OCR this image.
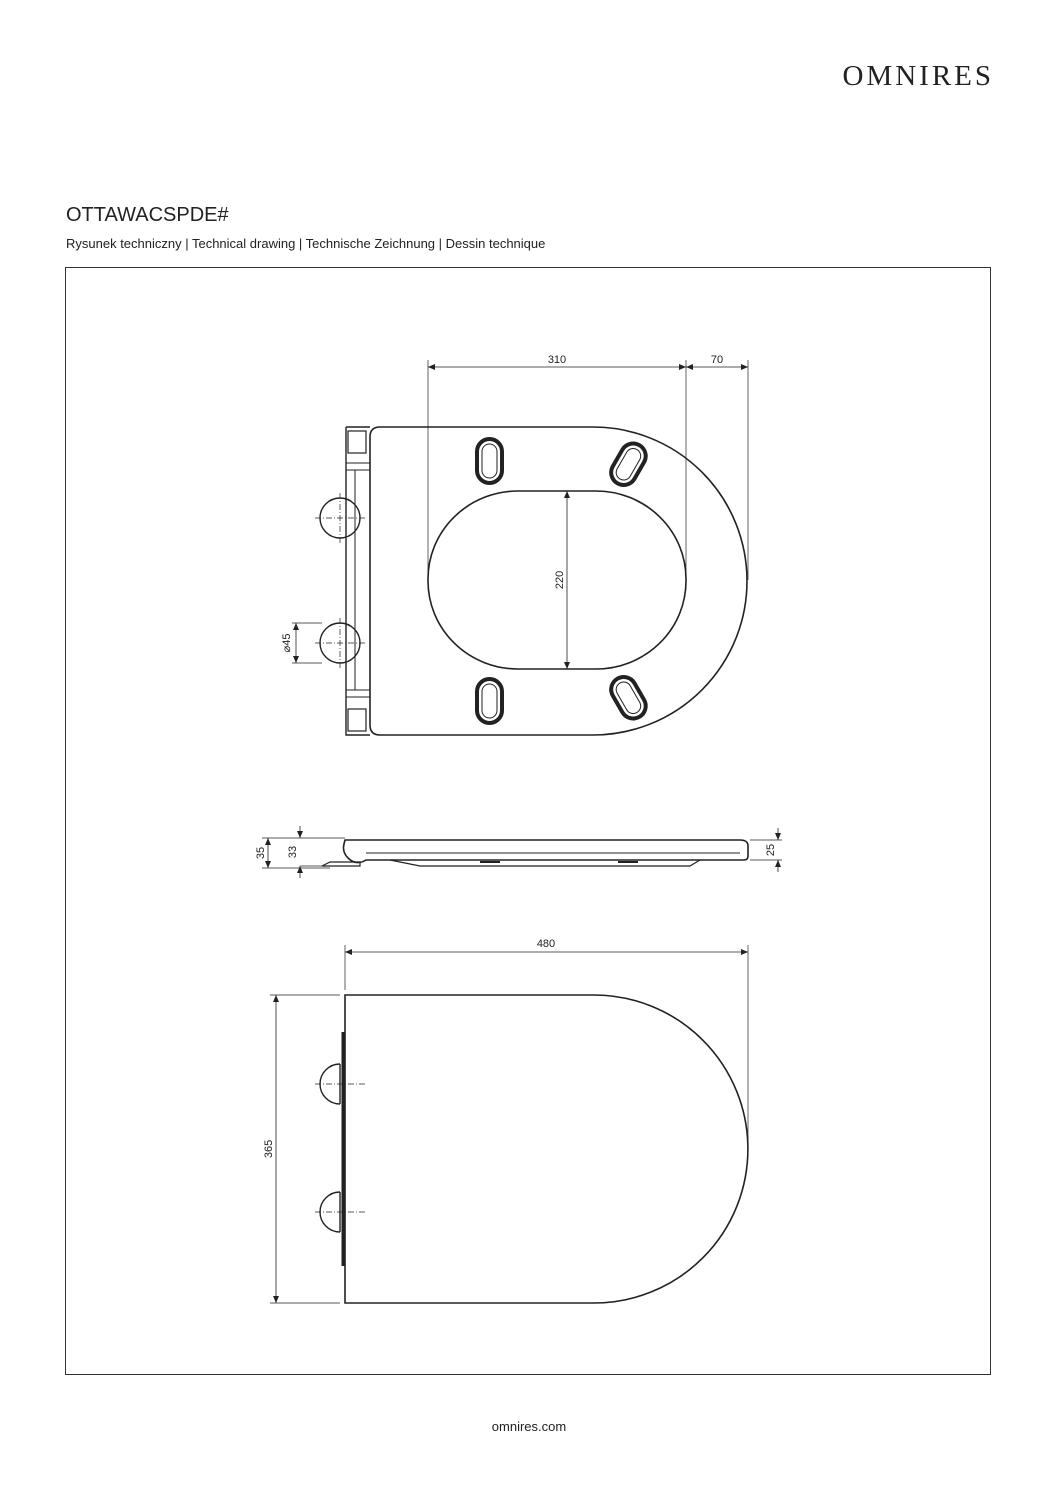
OMNIRES
OTTAWACSPDE#
Rysunek techniczny | Technical drawing | Technische Zeichnung | Dessin technique
310	70
220
⌀45
35 33	25
480
365
omnires.com
